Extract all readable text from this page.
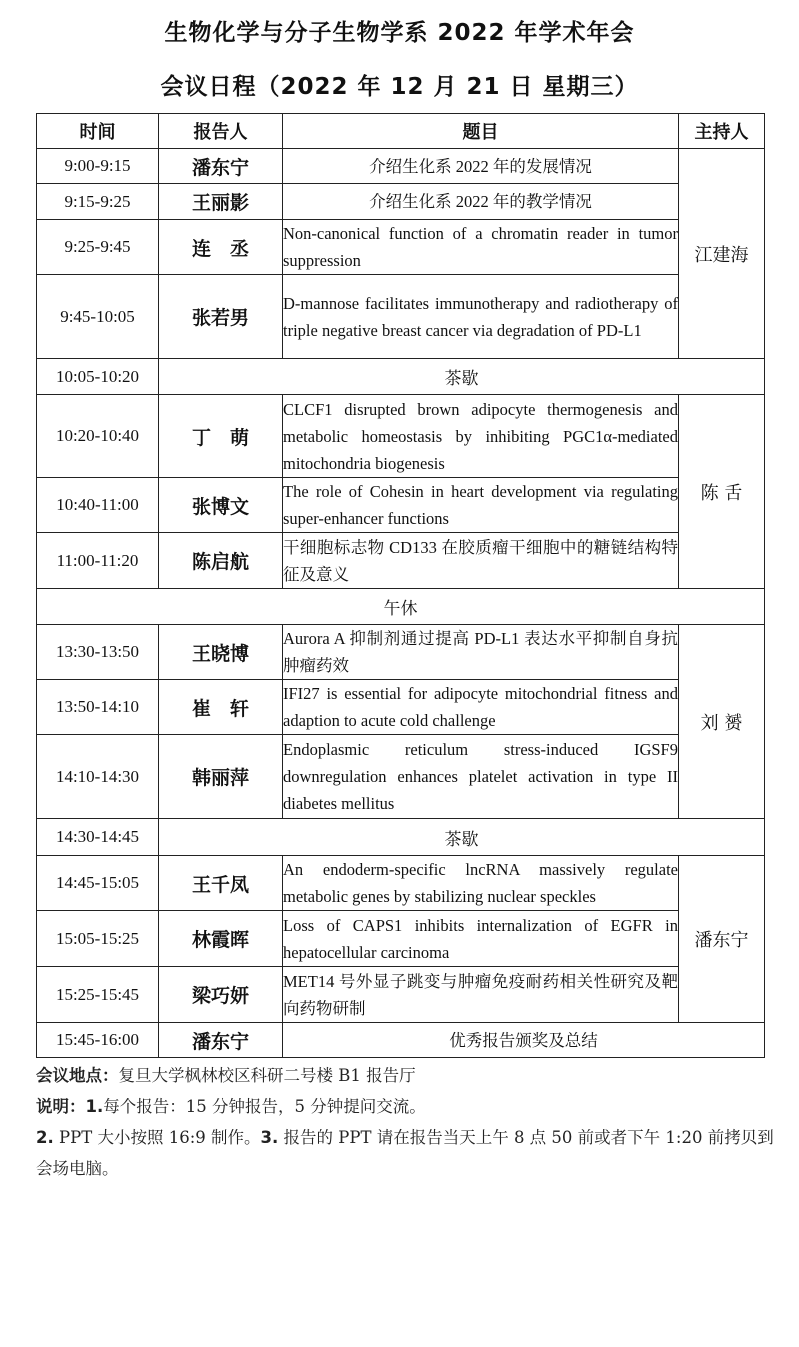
生物化学与分子生物学系 2022 年学术年会
会议日程（2022 年 12 月 21 日 星期三）
时间	报告人	题目	主持人
9:00-9:15	潘东宁	介绍生化系 2022 年的发展情况	江建海
9:15-9:25	王丽影	介绍生化系 2022 年的教学情况	
9:25-9:45	连　丞	Non-canonical function of a chromatin reader in tumor suppression	
9:45-10:05	张若男	D-mannose facilitates immunotherapy and radiotherapy of triple negative breast cancer via degradation of PD-L1	
10:05-10:20	茶歇		
10:20-10:40	丁　萌	CLCF1 disrupted brown adipocyte thermogenesis and metabolic homeostasis by inhibiting PGC1α-mediated mitochondria biogenesis	陈 舌
10:40-11:00	张博文	The role of Cohesin in heart development via regulating super-enhancer functions	
11:00-11:20	陈启航	干细胞标志物 CD133 在胶质瘤干细胞中的糖链结构特征及意义	
午休			
13:30-13:50	王晓博	Aurora A 抑制剂通过提高 PD-L1 表达水平抑制自身抗肿瘤药效	刘 赟
13:50-14:10	崔　轩	IFI27 is essential for adipocyte mitochondrial fitness and adaption to acute cold challenge	
14:10-14:30	韩丽萍	Endoplasmic reticulum stress-induced IGSF9 downregulation enhances platelet activation in type II diabetes mellitus	
14:30-14:45	茶歇		
14:45-15:05	王千凤	An endoderm-specific lncRNA massively regulate metabolic genes by stabilizing nuclear speckles	潘东宁
15:05-15:25	林霞晖	Loss of CAPS1 inhibits internalization of EGFR in hepatocellular carcinoma	
15:25-15:45	梁巧妍	MET14 号外显子跳变与肿瘤免疫耐药相关性研究及靶向药物研制	
15:45-16:00	潘东宁	优秀报告颁奖及总结	

会议地点：复旦大学枫林校区科研二号楼 B1 报告厅

说明：1.每个报告：15 分钟报告，5 分钟提问交流。

2. PPT 大小按照 16:9 制作。3. 报告的 PPT 请在报告当天上午 8 点 50 前或者下午 1:20 前拷贝到会场电脑。
